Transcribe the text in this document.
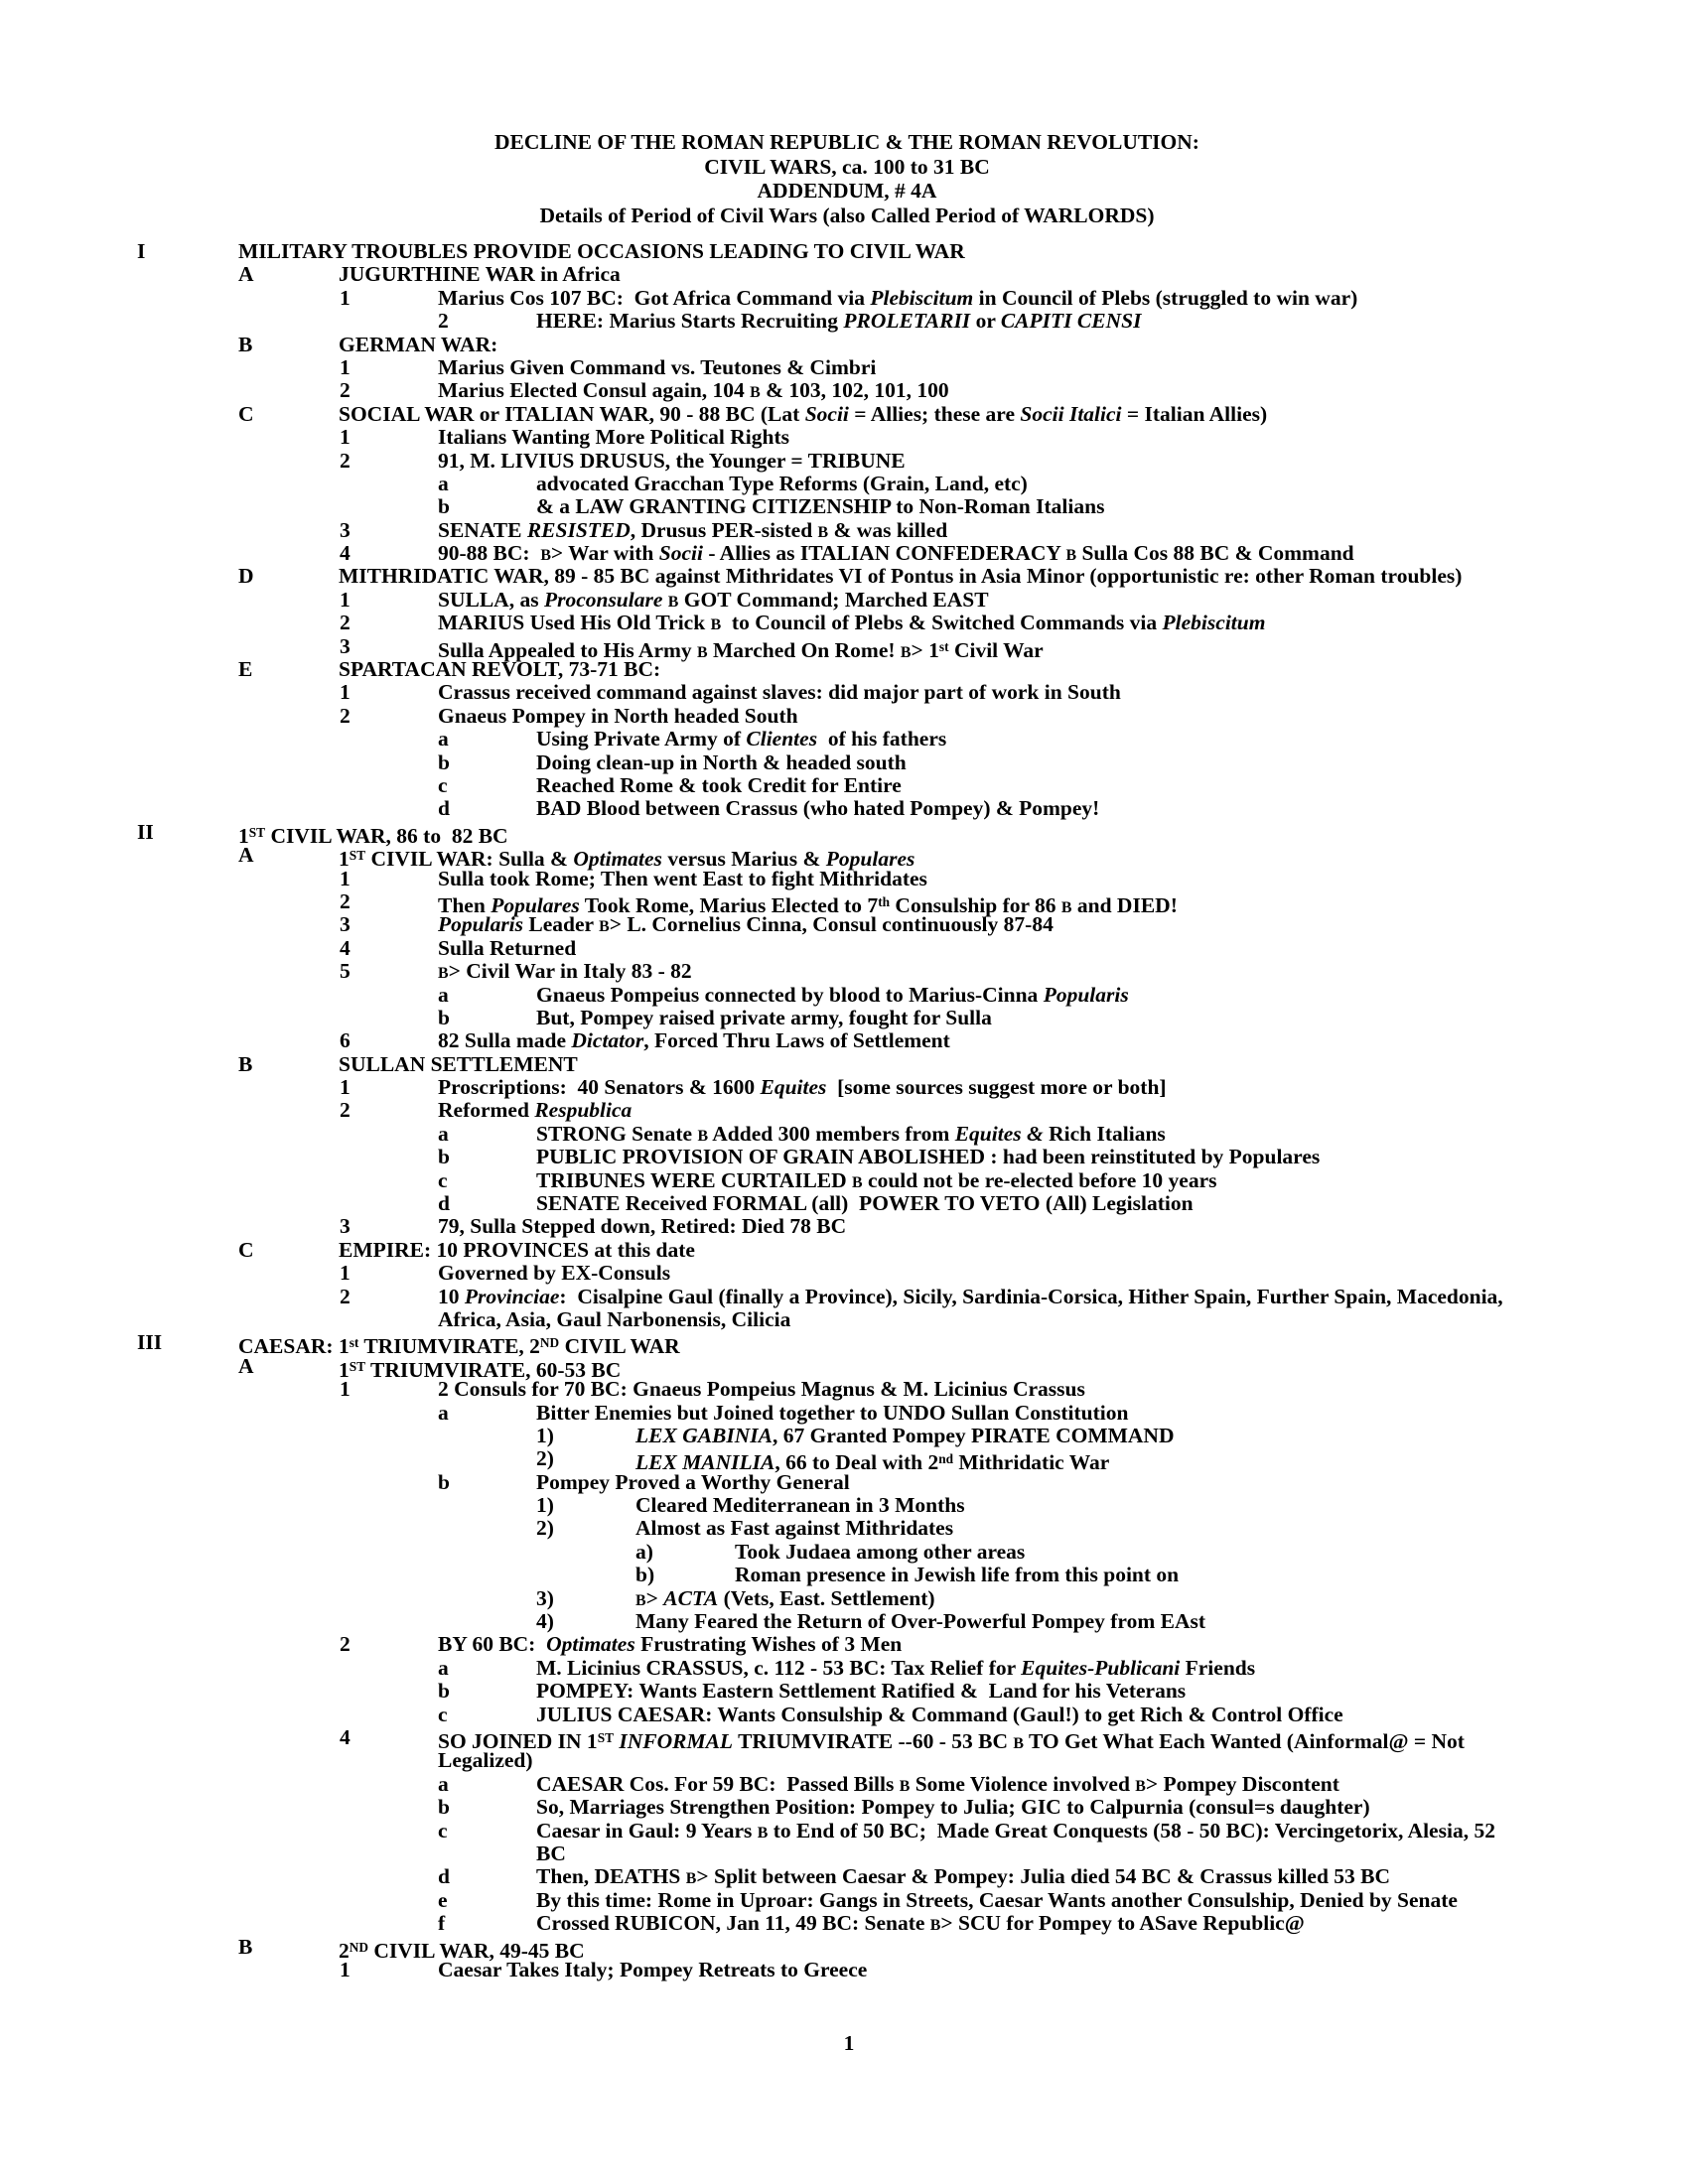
DECLINE OF THE ROMAN REPUBLIC & THE ROMAN REVOLUTION:
CIVIL WARS, ca. 100 to 31 BC
ADDENDUM, # 4A
Details of Period of Civil Wars (also Called Period of WARLORDS)
I	MILITARY TROUBLES PROVIDE OCCASIONS LEADING TO CIVIL WAR
A	JUGURTHINE WAR in Africa
1	Marius Cos 107 BC:  Got Africa Command via Plebiscitum in Council of Plebs (struggled to win war)
2	HERE: Marius Starts Recruiting PROLETARII or CAPITI CENSI
B	GERMAN WAR:
1	Marius Given Command vs. Teutones & Cimbri
2	Marius Elected Consul again, 104 B & 103, 102, 101, 100
C	SOCIAL WAR or ITALIAN WAR, 90 - 88 BC (Lat Socii = Allies; these are Socii Italici = Italian Allies)
1	Italians Wanting More Political Rights
2	91, M. LIVIUS DRUSUS, the Younger = TRIBUNE
a	advocated Gracchan Type Reforms (Grain, Land, etc)
b	& a LAW GRANTING CITIZENSHIP to Non-Roman Italians
3	SENATE RESISTED, Drusus PER-sisted B & was killed
4	90-88 BC:  B> War with Socii - Allies as ITALIAN CONFEDERACY B Sulla Cos 88 BC & Command
D	MITHRIDATIC WAR, 89 - 85 BC against Mithridates VI of Pontus in Asia Minor (opportunistic re: other Roman troubles)
1	SULLA, as Proconsulare B GOT Command; Marched EAST
2	MARIUS Used His Old Trick B  to Council of Plebs & Switched Commands via Plebiscitum
3	Sulla Appealed to His Army B Marched On Rome! B> 1st Civil War
E	SPARTACAN REVOLT, 73-71 BC:
1	Crassus received command against slaves: did major part of work in South
2	Gnaeus Pompey in North headed South
a	Using Private Army of Clientes  of his fathers
b	Doing clean-up in North & headed south
c	Reached Rome & took Credit for Entire
d	BAD Blood between Crassus (who hated Pompey) & Pompey!
II	1ST CIVIL WAR, 86 to  82 BC
A	1ST CIVIL WAR: Sulla & Optimates versus Marius & Populares
1	Sulla took Rome; Then went East to fight Mithridates
2	Then Populares Took Rome, Marius Elected to 7th Consulship for 86 B and DIED!
3	Popularis Leader B> L. Cornelius Cinna, Consul continuously 87-84
4	Sulla Returned
5	B> Civil War in Italy 83 - 82
a	Gnaeus Pompeius connected by blood to Marius-Cinna Popularis
b	But, Pompey raised private army, fought for Sulla
6	82 Sulla made Dictator, Forced Thru Laws of Settlement
B	SULLAN SETTLEMENT
1	Proscriptions:  40 Senators & 1600 Equites  [some sources suggest more or both]
2	Reformed Respublica
a	STRONG Senate B Added 300 members from Equites & Rich Italians
b	PUBLIC PROVISION OF GRAIN ABOLISHED : had been reinstituted by Populares
c	TRIBUNES WERE CURTAILED B could not be re-elected before 10 years
d	SENATE Received FORMAL (all)  POWER TO VETO (All) Legislation
3	79, Sulla Stepped down, Retired: Died 78 BC
C	EMPIRE: 10 PROVINCES at this date
1	Governed by EX-Consuls
2	10 Provinciae:  Cisalpine Gaul (finally a Province), Sicily, Sardinia-Corsica, Hither Spain, Further Spain, Macedonia,
Africa, Asia, Gaul Narbonensis, Cilicia
III	CAESAR: 1st TRIUMVIRATE, 2ND CIVIL WAR
A	1ST TRIUMVIRATE, 60-53 BC
1	2 Consuls for 70 BC: Gnaeus Pompeius Magnus & M. Licinius Crassus
a	Bitter Enemies but Joined together to UNDO Sullan Constitution
1)	LEX GABINIA, 67 Granted Pompey PIRATE COMMAND
2)	LEX MANILIA, 66 to Deal with 2nd Mithridatic War
b	Pompey Proved a Worthy General
1)	Cleared Mediterranean in 3 Months
2)	Almost as Fast against Mithridates
a)	Took Judaea among other areas
b)	Roman presence in Jewish life from this point on
3)	B> ACTA (Vets, East. Settlement)
4)	Many Feared the Return of Over-Powerful Pompey from EAst
2	BY 60 BC:  Optimates Frustrating Wishes of 3 Men
a	M. Licinius CRASSUS, c. 112 - 53 BC: Tax Relief for Equites-Publicani Friends
b	POMPEY: Wants Eastern Settlement Ratified &  Land for his Veterans
c	JULIUS CAESAR: Wants Consulship & Command (Gaul!) to get Rich & Control Office
4	SO JOINED IN 1ST INFORMAL TRIUMVIRATE --60 - 53 BC B TO Get What Each Wanted (Ainformal@ = Not
Legalized)
a	CAESAR Cos. For 59 BC:  Passed Bills B Some Violence involved B> Pompey Discontent
b	So, Marriages Strengthen Position: Pompey to Julia; GIC to Calpurnia (consul=s daughter)
c	Caesar in Gaul: 9 Years B to End of 50 BC;  Made Great Conquests (58 - 50 BC): Vercingetorix, Alesia, 52
BC
d	Then, DEATHS B> Split between Caesar & Pompey: Julia died 54 BC & Crassus killed 53 BC
e	By this time: Rome in Uproar: Gangs in Streets, Caesar Wants another Consulship, Denied by Senate
f	Crossed RUBICON, Jan 11, 49 BC: Senate B> SCU for Pompey to ASave Republic@
B	2ND CIVIL WAR, 49-45 BC
1	Caesar Takes Italy; Pompey Retreats to Greece
1
